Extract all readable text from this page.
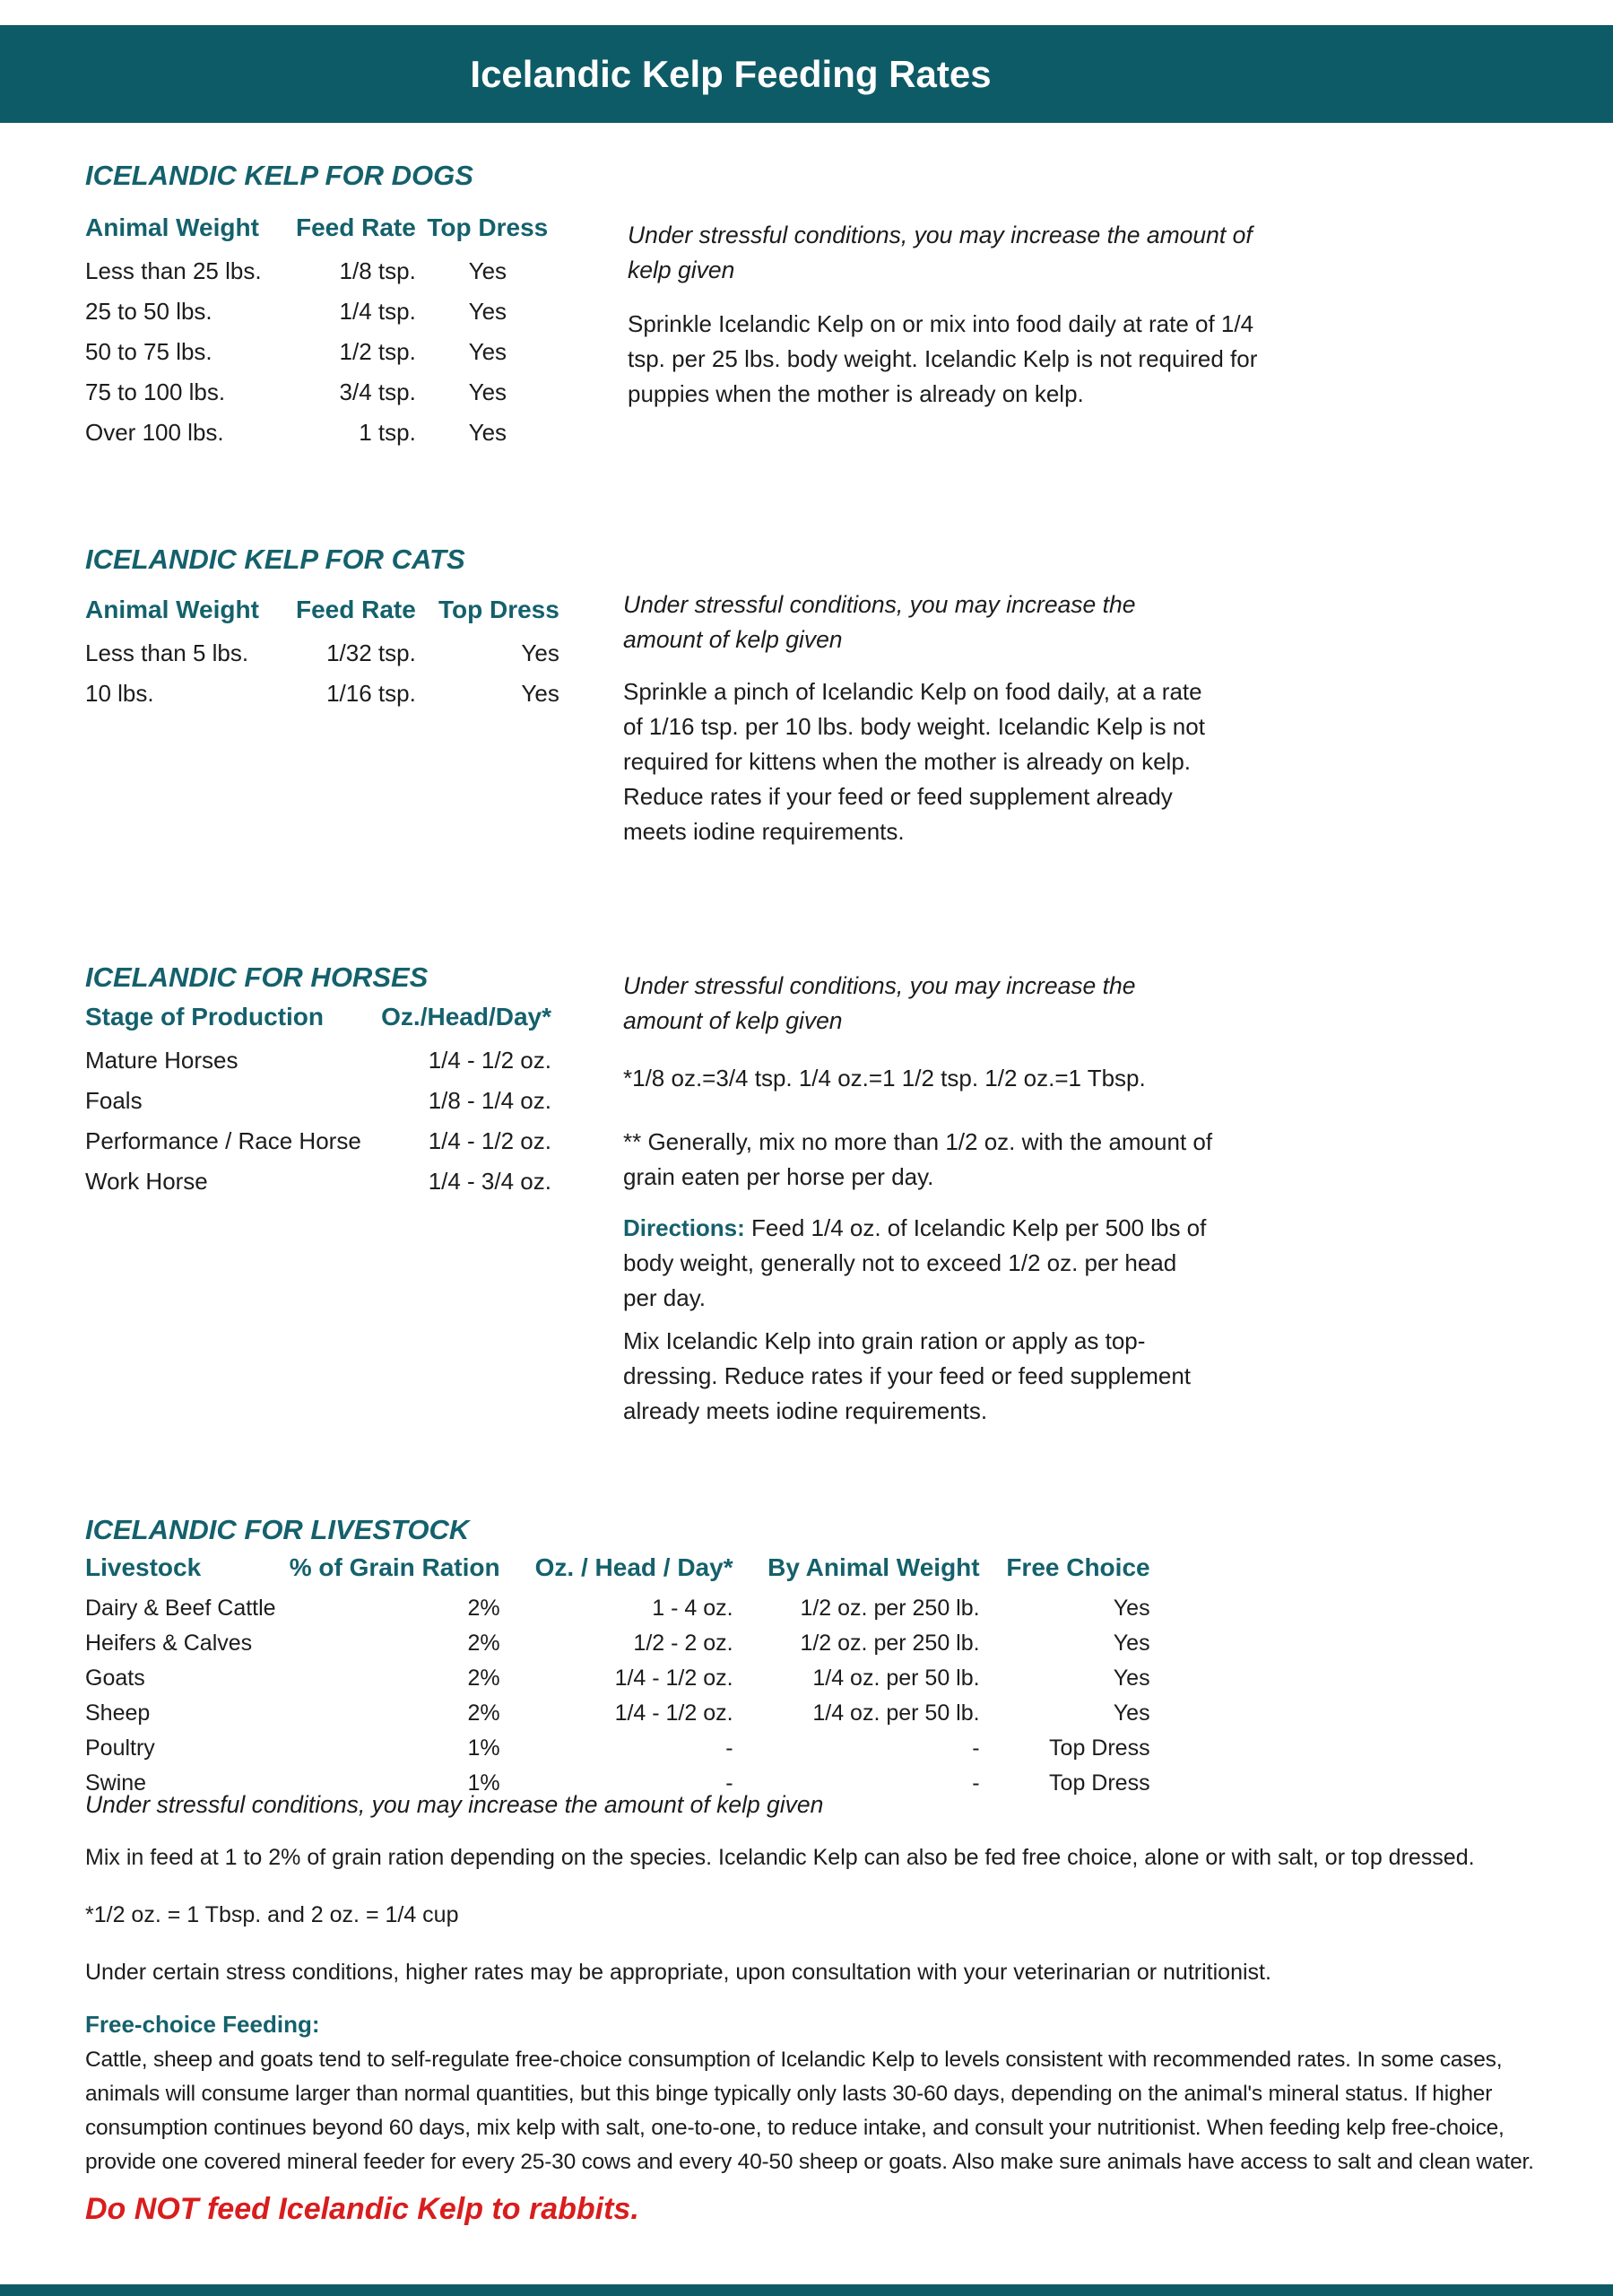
Icelandic Kelp Feeding Rates
ICELANDIC KELP FOR DOGS
Animal Weight	Feed Rate	Top Dress
Less than 25 lbs.	1/8 tsp.	Yes
25 to 50 lbs.	1/4 tsp.	Yes
50 to 75 lbs.	1/2 tsp.	Yes
75 to 100 lbs.	3/4 tsp.	Yes
Over 100 lbs.	1 tsp.	Yes
Under stressful conditions, you may increase the amount of kelp given
Sprinkle Icelandic Kelp on or mix into food daily at rate of 1/4 tsp. per 25 lbs. body weight. Icelandic Kelp is not required for puppies when the mother is already on kelp.
ICELANDIC KELP FOR CATS
Animal Weight	Feed Rate	Top Dress
Less than 5 lbs.	1/32 tsp.	Yes
10 lbs.	1/16 tsp.	Yes
Under stressful conditions, you may increase the amount of kelp given
Sprinkle a pinch of Icelandic Kelp on food daily, at a rate of 1/16 tsp. per 10 lbs. body weight. Icelandic Kelp is not required for kittens when the mother is already on kelp. Reduce rates if your feed or feed supplement already meets iodine requirements.
ICELANDIC FOR HORSES
Stage of Production	Oz./Head/Day*
Mature Horses	1/4 - 1/2 oz.
Foals	1/8 - 1/4 oz.
Performance / Race Horse	1/4 - 1/2 oz.
Work Horse	1/4 - 3/4 oz.
Under stressful conditions, you may increase the amount of kelp given
*1/8 oz.=3/4 tsp. 1/4 oz.=1 1/2 tsp. 1/2 oz.=1 Tbsp.
** Generally, mix no more than 1/2 oz. with the amount of grain eaten per horse per day.
Directions: Feed 1/4 oz. of Icelandic Kelp per 500 lbs of body weight, generally not to exceed 1/2 oz. per head per day.
Mix Icelandic Kelp into grain ration or apply as top-dressing. Reduce rates if your feed or feed supplement already meets iodine requirements.
ICELANDIC FOR LIVESTOCK
Livestock	% of Grain Ration	Oz. / Head / Day*	By Animal Weight	Free Choice
Dairy & Beef Cattle	2%	1 - 4 oz.	1/2 oz. per 250 lb.	Yes
Heifers & Calves	2%	1/2 - 2 oz.	1/2 oz. per 250 lb.	Yes
Goats	2%	1/4 - 1/2 oz.	1/4 oz. per 50 lb.	Yes
Sheep	2%	1/4 - 1/2 oz.	1/4 oz. per 50 lb.	Yes
Poultry	1%	-	-	Top Dress
Swine	1%	-	-	Top Dress
Under stressful conditions, you may increase the amount of kelp given
Mix in feed at 1 to 2% of grain ration depending on the species. Icelandic Kelp can also be fed free choice, alone or with salt, or top dressed.
*1/2 oz. = 1 Tbsp. and 2 oz. = 1/4 cup
Under certain stress conditions, higher rates may be appropriate, upon consultation with your veterinarian or nutritionist.
Free-choice Feeding:
Cattle, sheep and goats tend to self-regulate free-choice consumption of Icelandic Kelp to levels consistent with recommended rates. In some cases, animals will consume larger than normal quantities, but this binge typically only lasts 30-60 days, depending on the animal's mineral status. If higher consumption continues beyond 60 days, mix kelp with salt, one-to-one, to reduce intake, and consult your nutritionist. When feeding kelp free-choice, provide one covered mineral feeder for every 25-30 cows and every 40-50 sheep or goats. Also make sure animals have access to salt and clean water.
Do NOT feed Icelandic Kelp to rabbits.
